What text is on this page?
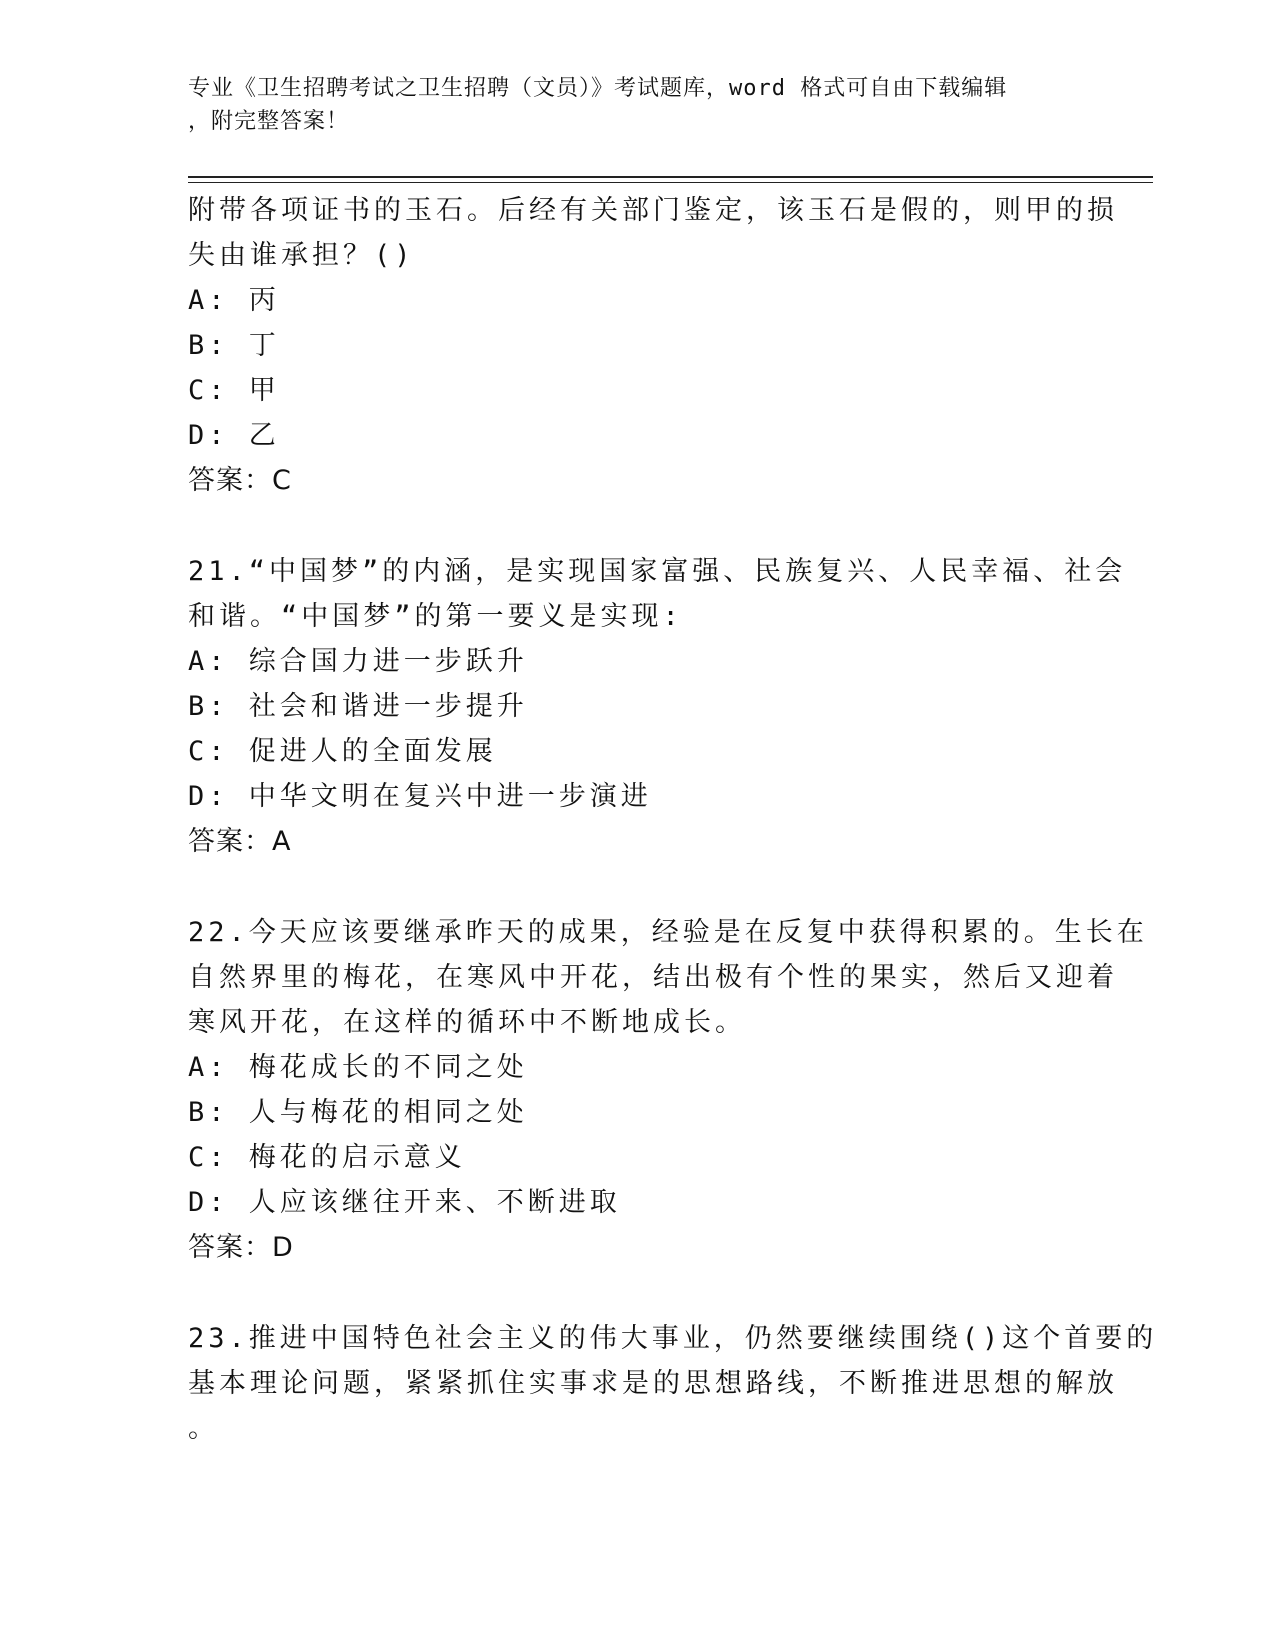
专业《卫生招聘考试之卫生招聘（文员）》考试题库，word 格式可自由下载编辑
，附完整答案！
附带各项证书的玉石。后经有关部门鉴定，该玉石是假的，则甲的损
失由谁承担？()
A: 丙
B: 丁
C: 甲
D: 乙
答案：C
21.“中国梦”的内涵，是实现国家富强、民族复兴、人民幸福、社会
和谐。“中国梦”的第一要义是实现:
A: 综合国力进一步跃升
B: 社会和谐进一步提升
C: 促进人的全面发展
D: 中华文明在复兴中进一步演进
答案：A
22.今天应该要继承昨天的成果，经验是在反复中获得积累的。生长在
自然界里的梅花，在寒风中开花，结出极有个性的果实，然后又迎着
寒风开花，在这样的循环中不断地成长。
A: 梅花成长的不同之处
B: 人与梅花的相同之处
C: 梅花的启示意义
D: 人应该继往开来、不断进取
答案：D
23.推进中国特色社会主义的伟大事业，仍然要继续围绕()这个首要的
基本理论问题，紧紧抓住实事求是的思想路线，不断推进思想的解放
。
